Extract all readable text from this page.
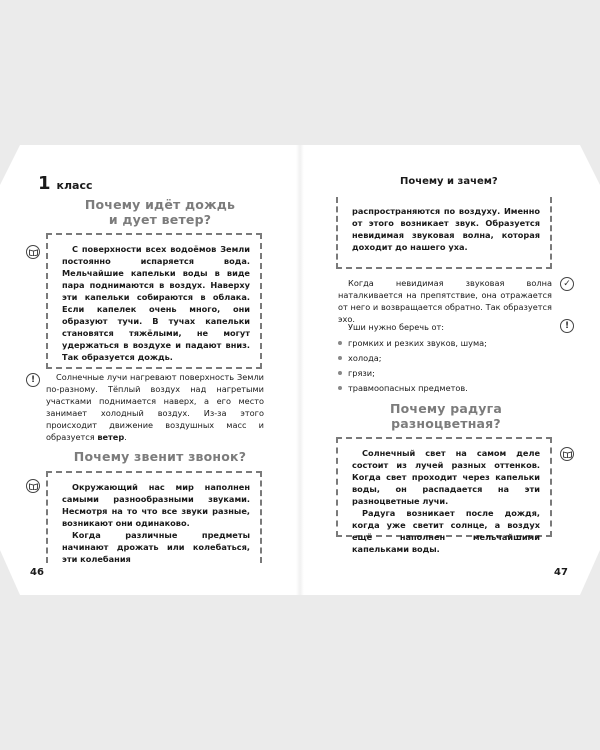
1 класс
Почему идёт дождь
и дует ветер?

С поверхности всех водоёмов Земли постоянно испаряется вода. Мельчайшие капельки воды в виде пара поднимаются в воздух. Наверху эти капельки собираются в облака. Если капелек очень много, они образуют тучи. В тучах капельки становятся тяжёлыми, не могут удержаться в воздухе и падают вниз. Так образуется дождь.

Солнечные лучи нагревают поверхность Земли по-разному. Тёплый воздух над нагретыми участками поднимается наверх, а его место занимает холодный воздух. Из-за этого происходит движение воздушных масс и образуется ветер.

Почему звенит звонок?

Окружающий нас мир наполнен самыми разнообразными звуками. Несмотря на то что все звуки разные, возникают они одинаково.

Когда различные предметы начинают дрожать или колебаться, эти колебания

46
!
Почему и зачем?

распространяются по воздуху. Именно от этого возникает звук. Образуется невидимая звуковая волна, которая доходит до нашего уха.

Когда невидимая звуковая волна наталкивается на препятствие, она отражается от него и возвращается обратно. Так образуется эхо.

Уши нужно беречь от:

громких и резких звуков, шума;
холода;
грязи;
травмоопасных предметов.
Почему радуга
разноцветная?

Солнечный свет на самом деле состоит из лучей разных оттенков. Когда свет проходит через капельки воды, он распадается на эти разноцветные лучи.

Радуга возникает после дождя, когда уже светит солнце, а воздух ещё наполнен мельчайшими капельками воды.

47
✓
!
